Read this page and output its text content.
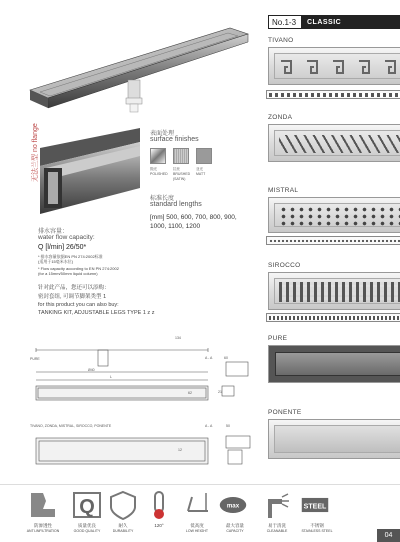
No.1-3	CLASSIC
无法兰型 no flange	表面处理
surface finishes
抛光
POLISHED
拉丝
BRUSHED (SATIN)
亚光
MATT
标准长度
standard lengths
[mm] 500, 600, 700, 800, 900,
1000, 1100, 1200
排水容量：
water flow capacity:
Q [l/min] 26/50*
* 排水容量依据EN PN 274:2002标准
(适用于15毫米水位)
* Flow capacity according to EN PN 274:2002
(for a 15mm/50mm liquid column)
针对此产品，您还可以添购：
密封套组, 可调节脚架类型 1
for this product you can also buy:
TANKING KIT, ADJUSTABLE LEGS TYPE 1 z z
PURE
Ø40
L
134
62
A - A	60
21
TIVANO, ZONDA, MISTRAL, SIROCCO, PONENTE	A - A	50
12
TIVANO
ZONDA
MISTRAL
SIROCCO
PURE
PONENTE
Q	max	STEEL
防渗透性
ANTI-INFILTRATION
质量优良
GOOD QUALITY
耐久
DURABILITY
120°	低高度
LOW HEIGHT
最大容量
CAPACITY
易于清洗
CLEANABLE
不锈钢
STAINLESS STEEL
04
